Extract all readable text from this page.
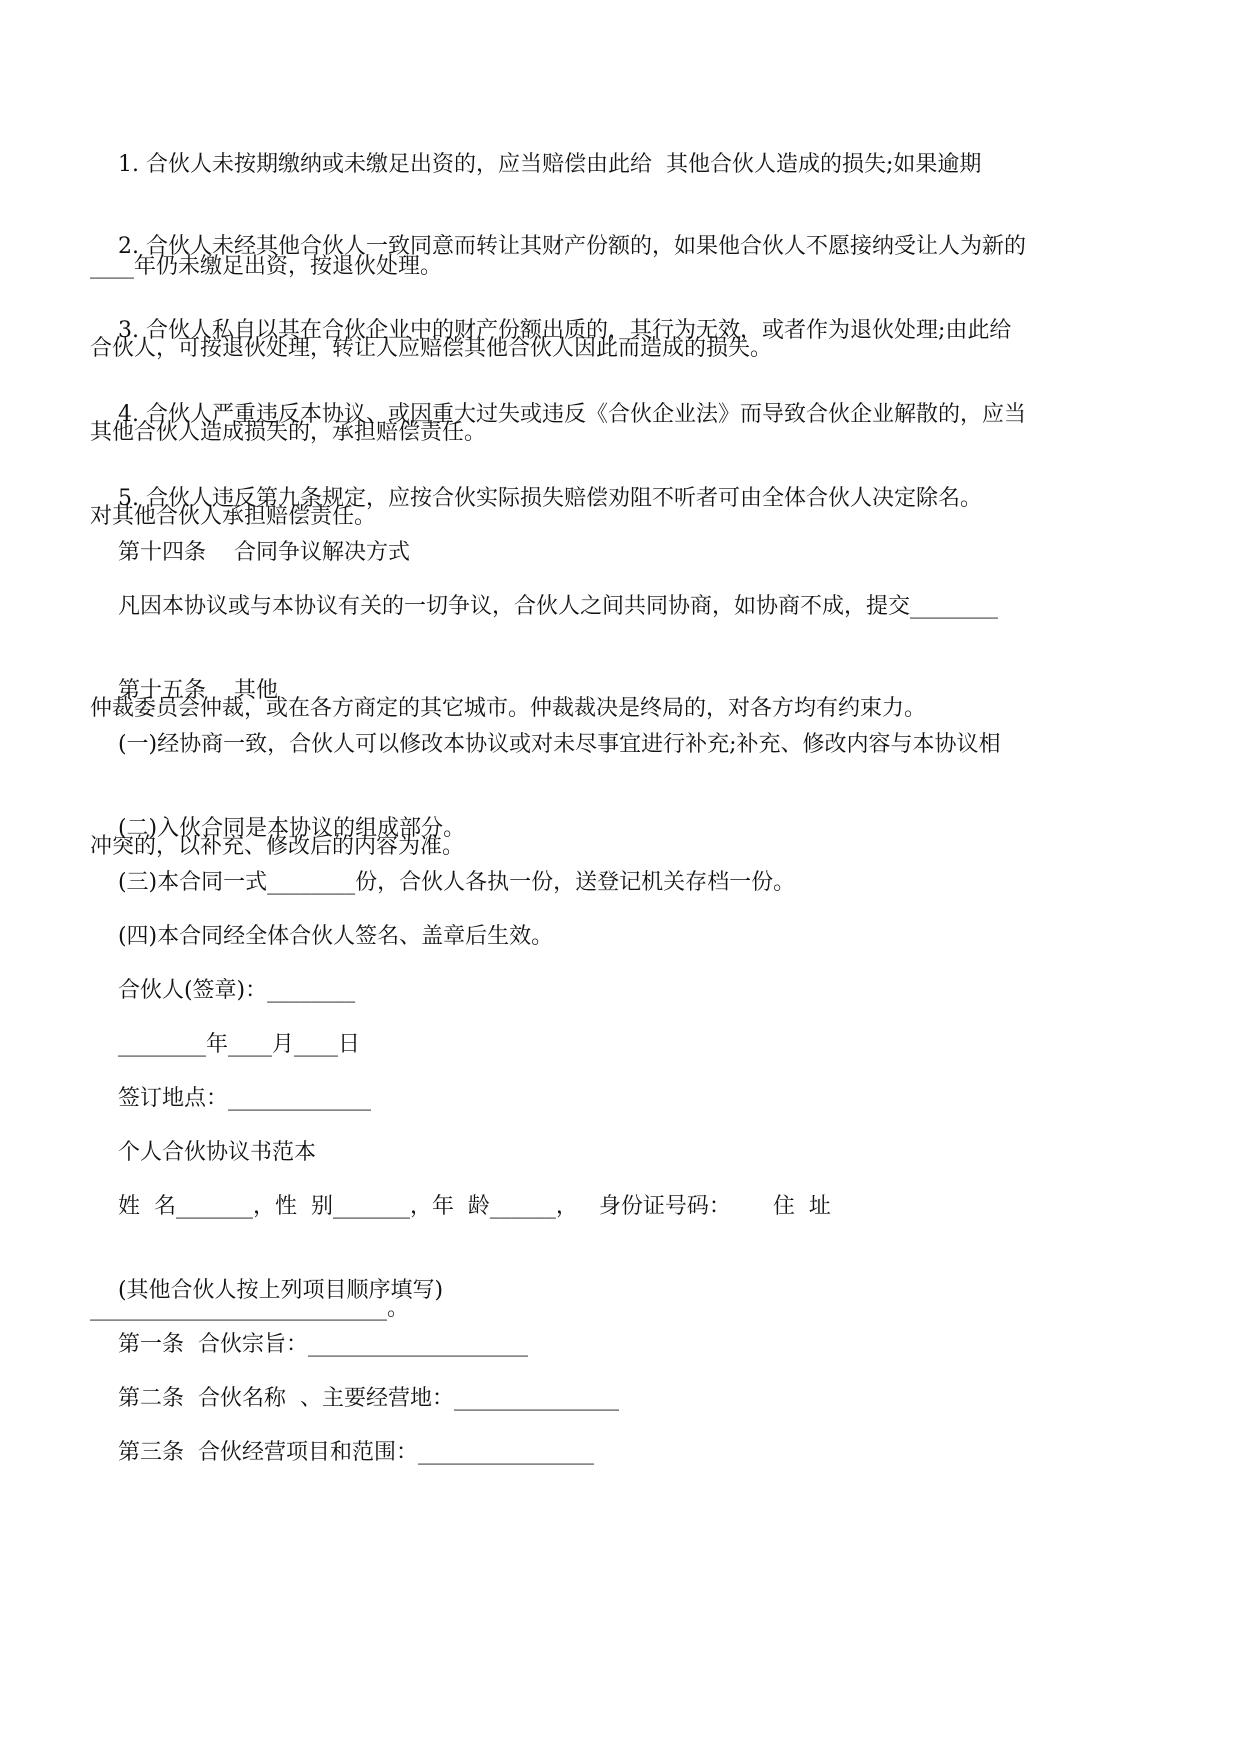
1. 合伙人未按期缴纳或未缴足出资的，应当赔偿由此给  其他合伙人造成的损失;如果逾期

____年仍未缴足出资，按退伙处理。

2. 合伙人未经其他合伙人一致同意而转让其财产份额的，如果他合伙人不愿接纳受让人为新的

合伙人，可按退伙处理，转让人应赔偿其他合伙人因此而造成的损失。

3. 合伙人私自以其在合伙企业中的财产份额出质的，其行为无效，或者作为退伙处理;由此给

其他合伙人造成损失的，承担赔偿责任。

4. 合伙人严重违反本协议、或因重大过失或违反《合伙企业法》而导致合伙企业解散的，应当

对其他合伙人承担赔偿责任。

5. 合伙人违反第九条规定，应按合伙实际损失赔偿劝阻不听者可由全体合伙人决定除名。

第十四条    合同争议解决方式

凡因本协议或与本协议有关的一切争议，合伙人之间共同协商，如协商不成，提交________

仲裁委员会仲裁，或在各方商定的其它城市。仲裁裁决是终局的，对各方均有约束力。

第十五条    其他

(一)经协商一致，合伙人可以修改本协议或对未尽事宜进行补充;补充、修改内容与本协议相

冲突的，以补充、修改后的内容为准。

(二)入伙合同是本协议的组成部分。

(三)本合同一式________份，合伙人各执一份，送登记机关存档一份。

(四)本合同经全体合伙人签名、盖章后生效。

合伙人(签章)：________

________年____月____日

签订地点：_____________

个人合伙协议书范本

姓  名_______，性  别_______，年  龄______，   身份证号码：      住  址

___________________________。

(其他合伙人按上列项目顺序填写)

第一条  合伙宗旨：____________________

第二条  合伙名称  、主要经营地：_______________

第三条  合伙经营项目和范围：________________
